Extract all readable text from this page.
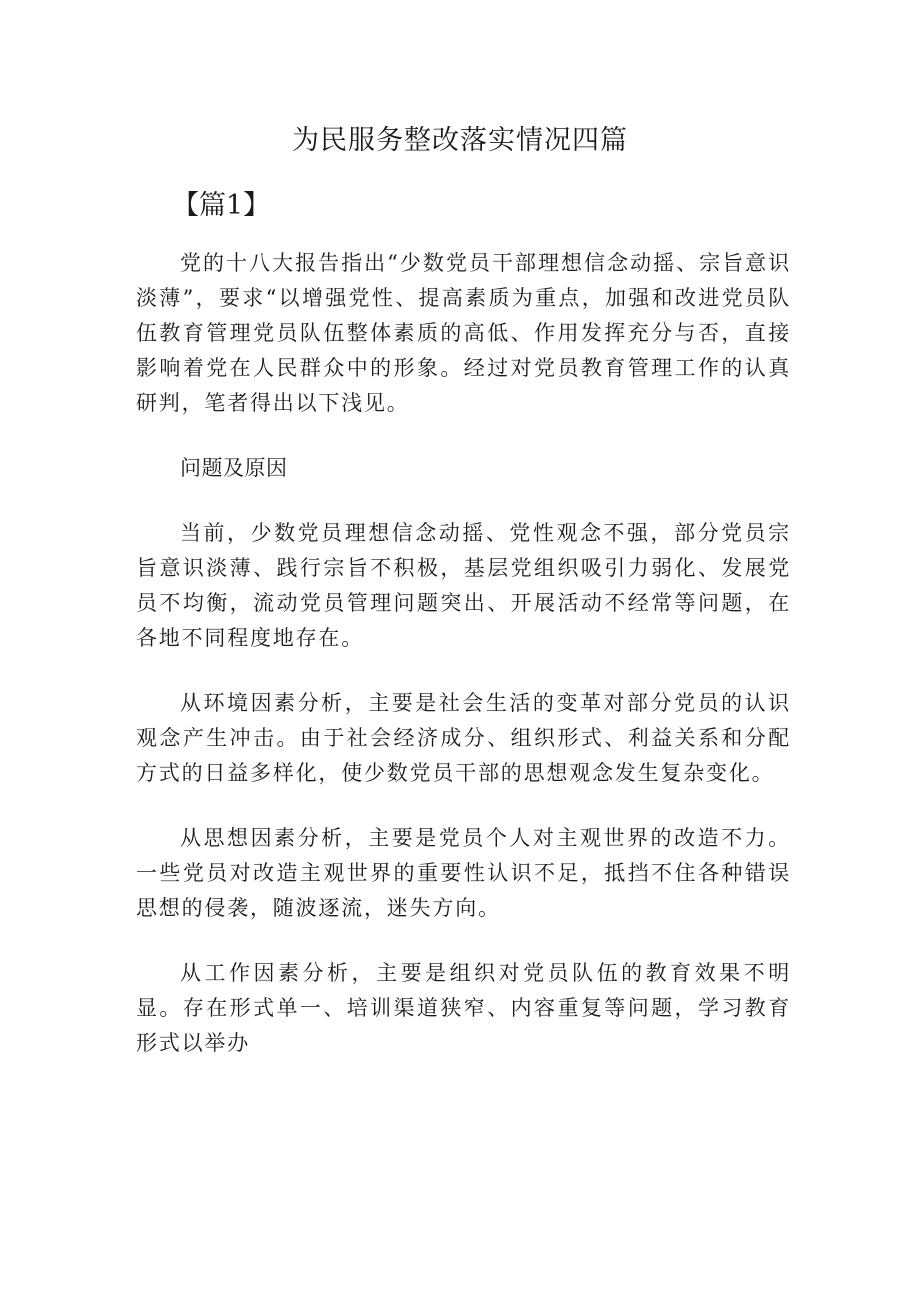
为民服务整改落实情况四篇
【篇1】

党的十八大报告指出“少数党员干部理想信念动摇、宗旨意识淡薄”，要求“以增强党性、提高素质为重点，加强和改进党员队伍教育管理党员队伍整体素质的高低、作用发挥充分与否，直接影响着党在人民群众中的形象。经过对党员教育管理工作的认真研判，笔者得出以下浅见。

问题及原因

当前，少数党员理想信念动摇、党性观念不强，部分党员宗旨意识淡薄、践行宗旨不积极，基层党组织吸引力弱化、发展党员不均衡，流动党员管理问题突出、开展活动不经常等问题，在各地不同程度地存在。

从环境因素分析，主要是社会生活的变革对部分党员的认识观念产生冲击。由于社会经济成分、组织形式、利益关系和分配方式的日益多样化，使少数党员干部的思想观念发生复杂变化。

从思想因素分析，主要是党员个人对主观世界的改造不力。一些党员对改造主观世界的重要性认识不足，抵挡不住各种错误思想的侵袭，随波逐流，迷失方向。

从工作因素分析，主要是组织对党员队伍的教育效果不明显。存在形式单一、培训渠道狭窄、内容重复等问题，学习教育形式以举办
